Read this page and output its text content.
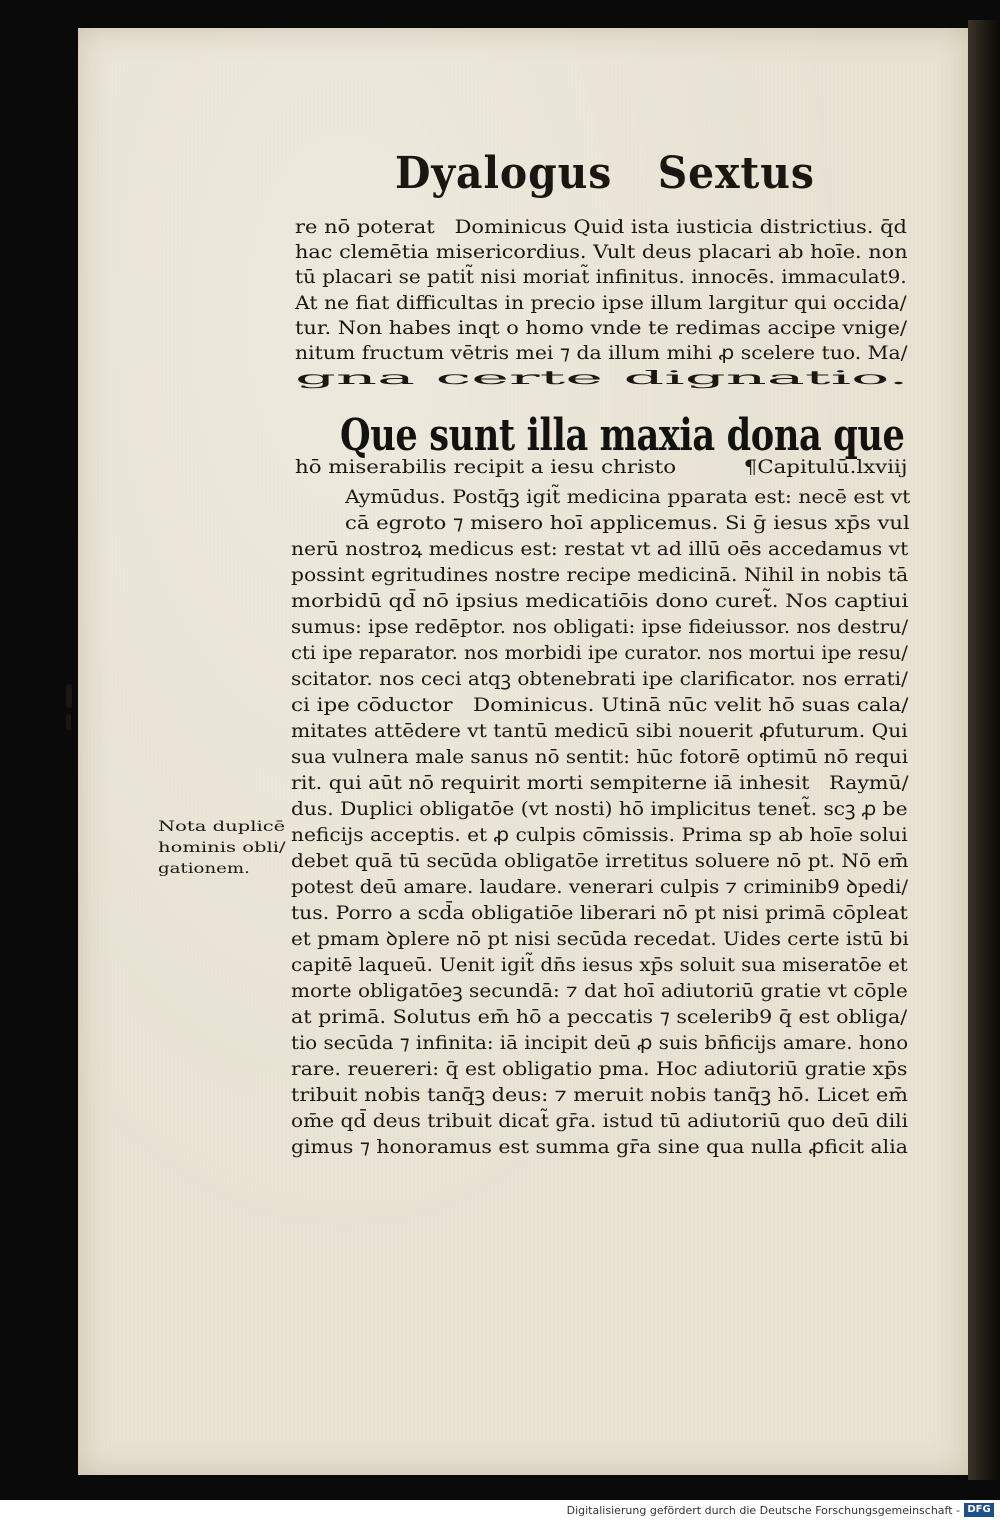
Dyalogus   Sextus
re nō poterat   Dominicus Quid ista iusticia districtius. q̄d
hac clemētia misericordius. Vult deus placari ab hoīe. non
tū placari se patit̃ nisi moriat̃ infinitus. innocēs. immaculat9.
At ne fiat difficultas in precio ipse illum largitur qui occida/
tur. Non habes inqt o homo vnde te redimas accipe vnige/
nitum fructum vētris mei ⁊ da illum mihi ꝓ scelere tuo. Ma/
gna certe dignatio.
hō miserabilis recipit a iesu christo          ¶Capitulū.lxviij
Aymūdus. Postq̄ꝫ igit̃ medicina pparata est: necē est vt
cā egroto ⁊ misero hoī applicemus. Si ḡ iesus xp̄s vul
nerū nostroꝝ medicus est: restat vt ad illū oēs accedamus vt
possint egritudines nostre recipe medicinā. Nihil in nobis tā
morbidū qd̄ nō ipsius medicatiōis dono curet̃. Nos captiui
sumus: ipse redēptor. nos obligati: ipse fideiussor. nos destru/
cti ipe reparator. nos morbidi ipe curator. nos mortui ipe resu/
scitator. nos ceci atqꝫ obtenebrati ipe clarificator. nos errati/
ci ipe cōductor   Dominicus. Utinā nūc velit hō suas cala/
mitates attēdere vt tantū medicū sibi nouerit ꝓfuturum. Qui
sua vulnera male sanus nō sentit: hūc fotorē optimū nō requi
rit. qui aūt nō requirit morti sempiterne iā inhesit   Raymū/
dus. Duplici obligatōe (vt nosti) hō implicitus tenet̃. scꝫ ꝓ be
neficijs acceptis. et ꝓ culpis cōmissis. Prima sp ab hoīe solui
debet quā tū secūda obligatōe irretitus soluere nō pt. Nō em̄
potest deū amare. laudare. venerari culpis ⁊ criminib9 ꝺpedi/
tus. Porro a scd̄a obligatiōe liberari nō pt nisi primā cōpleat
et pmam ꝺplere nō pt nisi secūda recedat. Uides certe istū bi
capitē laqueū. Uenit igit̃ dn̄s iesus xp̄s soluit sua miseratōe et
morte obligatōeꝫ secundā: ⁊ dat hoī adiutoriū gratie vt cōple
at primā. Solutus em̄ hō a peccatis ⁊ scelerib9 q̄ est obliga/
tio secūda ⁊ infinita: iā incipit deū ꝓ suis bn̄ficijs amare. hono
rare. reuereri: q̄ est obligatio pma. Hoc adiutoriū gratie xp̄s
tribuit nobis tanq̄ꝫ deus: ⁊ meruit nobis tanq̄ꝫ hō. Licet em̄
om̄e qd̄ deus tribuit dicat̃ gr̄a. istud tū adiutoriū quo deū dili
gimus ⁊ honoramus est summa gr̄a sine qua nulla ꝓficit alia
Nota duplicē
hominis obli/
gationem.
Que sunt illa maxia dona que
Digitalisierung gefördert durch die Deutsche Forschungsgemeinschaft - DFG
